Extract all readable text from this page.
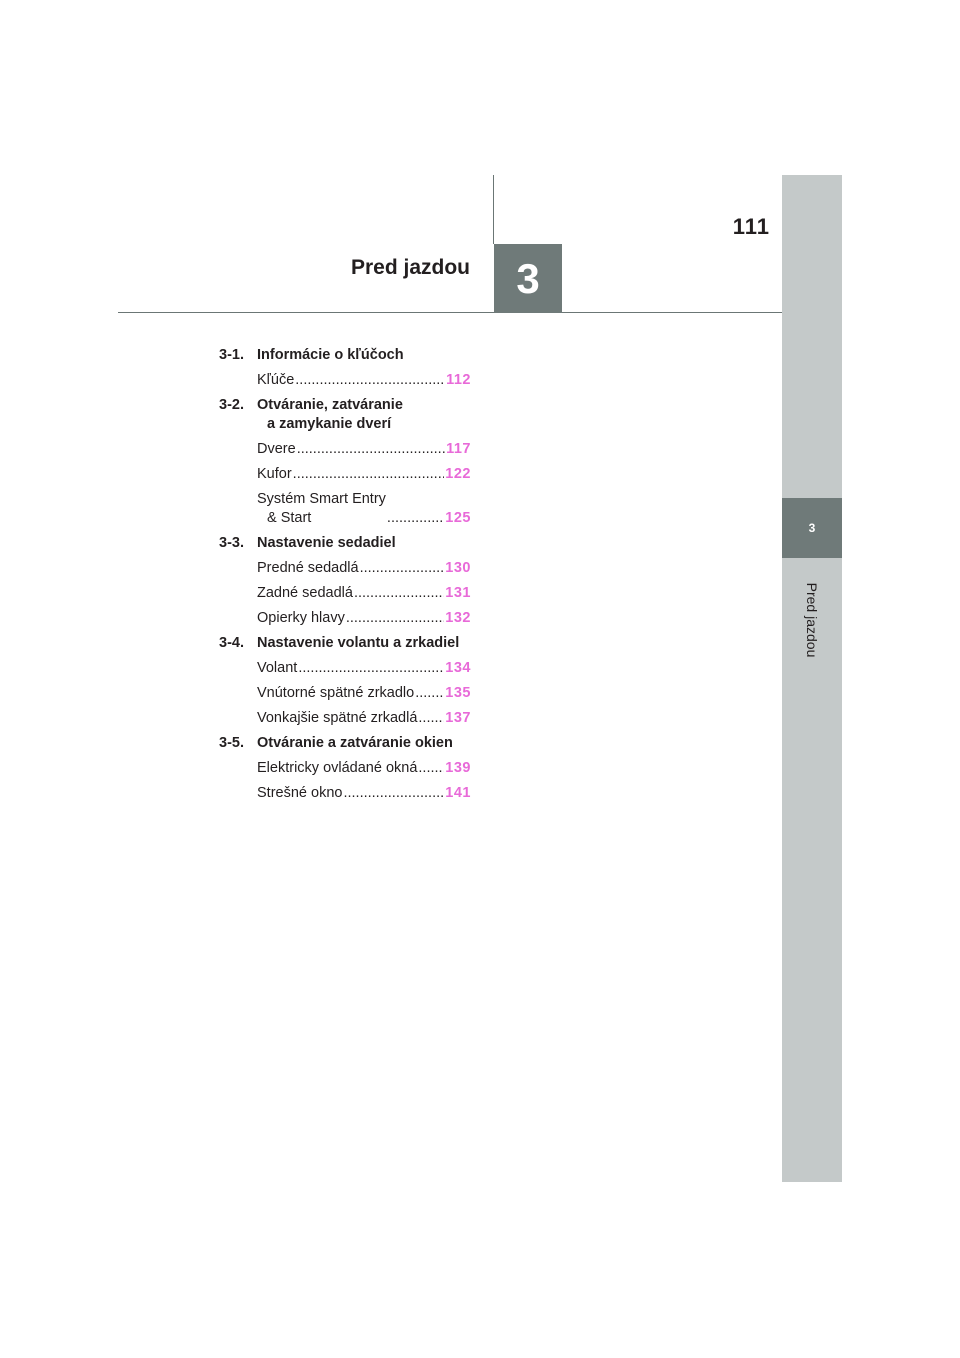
3
Pred jazdou
111
3
Pred jazdou
3-1. Informácie o kľúčoch
Kľúče .....	112
3-2. Otváranie, zatváranie
a zamykanie dverí
Dvere .....	117
Kufor .....	122
Systém Smart Entry
& Start .....	125
3-3. Nastavenie sedadiel
Predné sedadlá .....	130
Zadné sedadlá .....	131
Opierky hlavy .....	132
3-4. Nastavenie volantu a zrkadiel
Volant .....	134
Vnútorné spätné zrkadlo ..... 135
Vonkajšie spätné zrkadlá ..... 137
3-5. Otváranie a zatváranie okien
Elektricky ovládané okná ..... 139
Strešné okno .....	141
